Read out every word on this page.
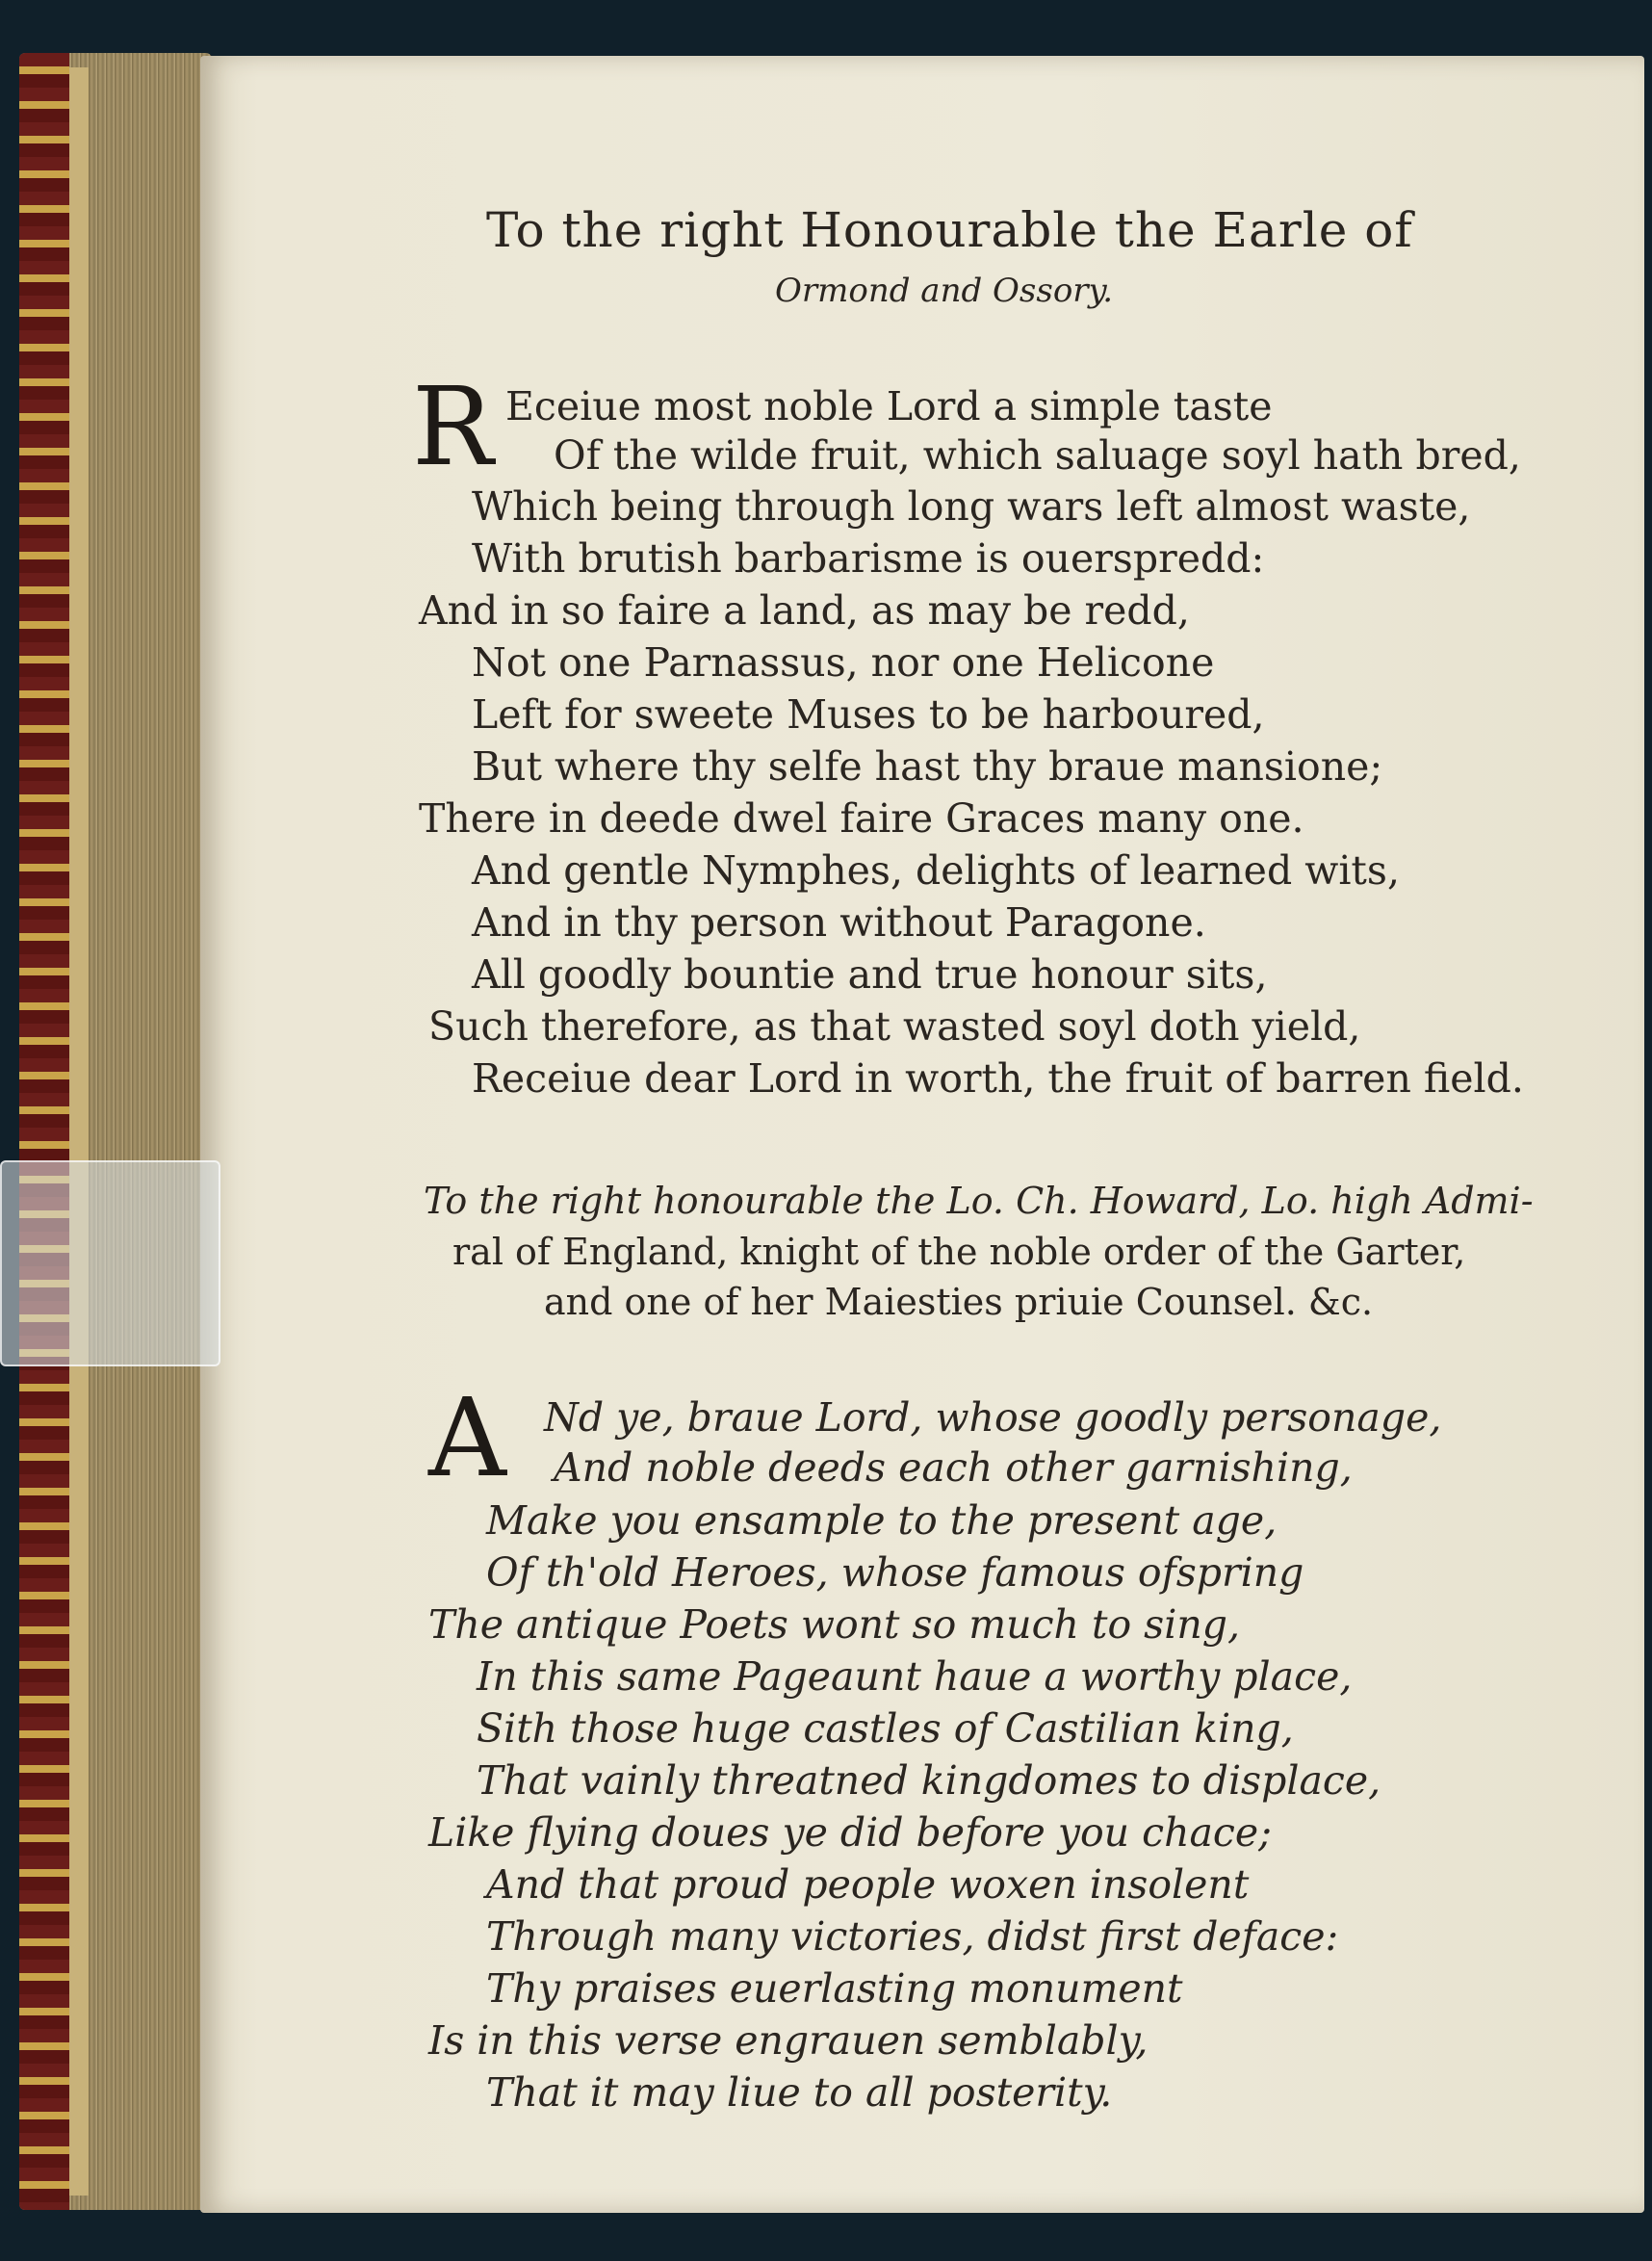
To the right Honourable the Earle of
Ormond and Ossory.
R Eceiue most noble Lord a simple taste
Of the wilde fruit, which saluage soyl hath bred,
Which being through long wars left almost waste,
With brutish barbarisme is ouerspredd:
And in so faire a land, as may be redd,
Not one Parnassus, nor one Helicone
Left for sweete Muses to be harboured,
But where thy selfe hast thy braue mansione;
There in deede dwel faire Graces many one.
And gentle Nymphes, delights of learned wits,
And in thy person without Paragone.
All goodly bountie and true honour sits,
Such therefore, as that wasted soyl doth yield,
Receiue dear Lord in worth, the fruit of barren field.
To the right honourable the Lo. Ch. Howard, Lo. high Admi-
ral of England, knight of the noble order of the Garter,
and one of her Maiesties priuie Counsel. &c.
A Nd ye, braue Lord, whose goodly personage,
And noble deeds each other garnishing,
Make you ensample to the present age,
Of th'old Heroes, whose famous ofspring
The antique Poets wont so much to sing,
In this same Pageaunt haue a worthy place,
Sith those huge castles of Castilian king,
That vainly threatned kingdomes to displace,
Like flying doues ye did before you chace;
And that proud people woxen insolent
Through many victories, didst first deface:
Thy praises euerlasting monument
Is in this verse engrauen semblably,
That it may liue to all posterity.
